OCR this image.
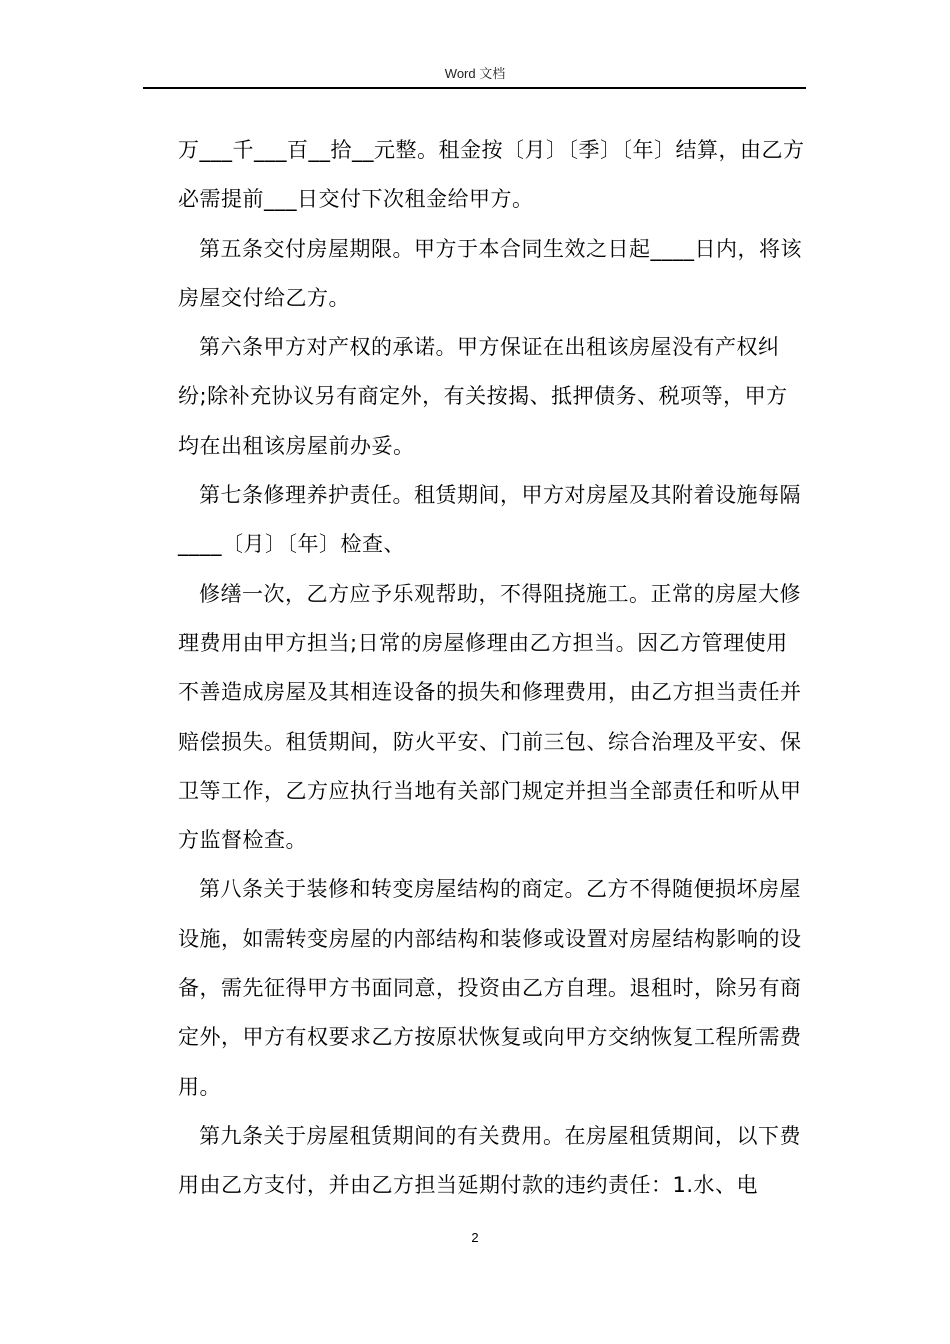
Word 文档

万___千___百__拾__元整。租金按〔月〕〔季〕〔年〕结算，由乙方必需提前___日交付下次租金给甲方。

第五条交付房屋期限。甲方于本合同生效之日起____日内，将该房屋交付给乙方。

第六条甲方对产权的承诺。甲方保证在出租该房屋没有产权纠纷;除补充协议另有商定外，有关按揭、抵押债务、税项等，甲方均在出租该房屋前办妥。

第七条修理养护责任。租赁期间，甲方对房屋及其附着设施每隔____〔月〕〔年〕检查、

修缮一次，乙方应予乐观帮助，不得阻挠施工。正常的房屋大修理费用由甲方担当;日常的房屋修理由乙方担当。因乙方管理使用不善造成房屋及其相连设备的损失和修理费用，由乙方担当责任并赔偿损失。租赁期间，防火平安、门前三包、综合治理及平安、保卫等工作，乙方应执行当地有关部门规定并担当全部责任和听从甲方监督检查。

第八条关于装修和转变房屋结构的商定。乙方不得随便损坏房屋设施，如需转变房屋的内部结构和装修或设置对房屋结构影响的设备，需先征得甲方书面同意，投资由乙方自理。退租时，除另有商定外，甲方有权要求乙方按原状恢复或向甲方交纳恢复工程所需费用。

第九条关于房屋租赁期间的有关费用。在房屋租赁期间，以下费用由乙方支付，并由乙方担当延期付款的违约责任：1.水、电

2
